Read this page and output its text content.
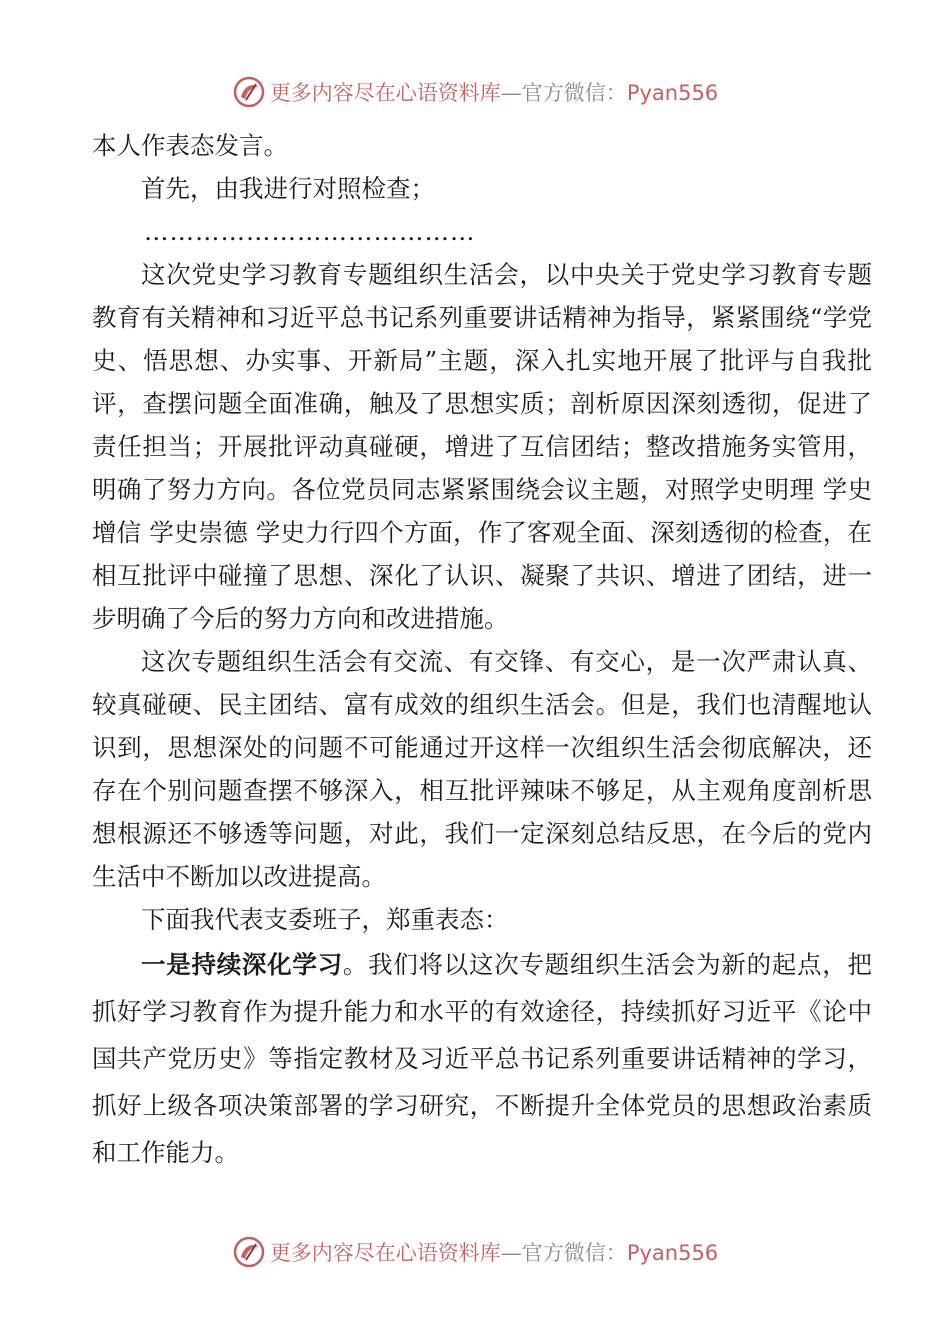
更多内容尽在心语资料库—官方微信：Pyan556

本人作表态发言。

首先，由我进行对照检查；

…………………………………

这次党史学习教育专题组织生活会，以中央关于党史学习教育专题教育有关精神和习近平总书记系列重要讲话精神为指导，紧紧围绕“学党史、悟思想、办实事、开新局”主题，深入扎实地开展了批评与自我批评，查摆问题全面准确，触及了思想实质；剖析原因深刻透彻，促进了责任担当；开展批评动真碰硬，增进了互信团结；整改措施务实管用，明确了努力方向。各位党员同志紧紧围绕会议主题，对照学史明理 学史增信 学史崇德 学史力行四个方面，作了客观全面、深刻透彻的检查，在相互批评中碰撞了思想、深化了认识、凝聚了共识、增进了团结，进一步明确了今后的努力方向和改进措施。

这次专题组织生活会有交流、有交锋、有交心，是一次严肃认真、较真碰硬、民主团结、富有成效的组织生活会。但是，我们也清醒地认识到，思想深处的问题不可能通过开这样一次组织生活会彻底解决，还存在个别问题查摆不够深入，相互批评辣味不够足，从主观角度剖析思想根源还不够透等问题，对此，我们一定深刻总结反思，在今后的党内生活中不断加以改进提高。

下面我代表支委班子，郑重表态：

一是持续深化学习。我们将以这次专题组织生活会为新的起点，把抓好学习教育作为提升能力和水平的有效途径，持续抓好习近平《论中国共产党历史》等指定教材及习近平总书记系列重要讲话精神的学习，抓好上级各项决策部署的学习研究，不断提升全体党员的思想政治素质和工作能力。

更多内容尽在心语资料库—官方微信：Pyan556
